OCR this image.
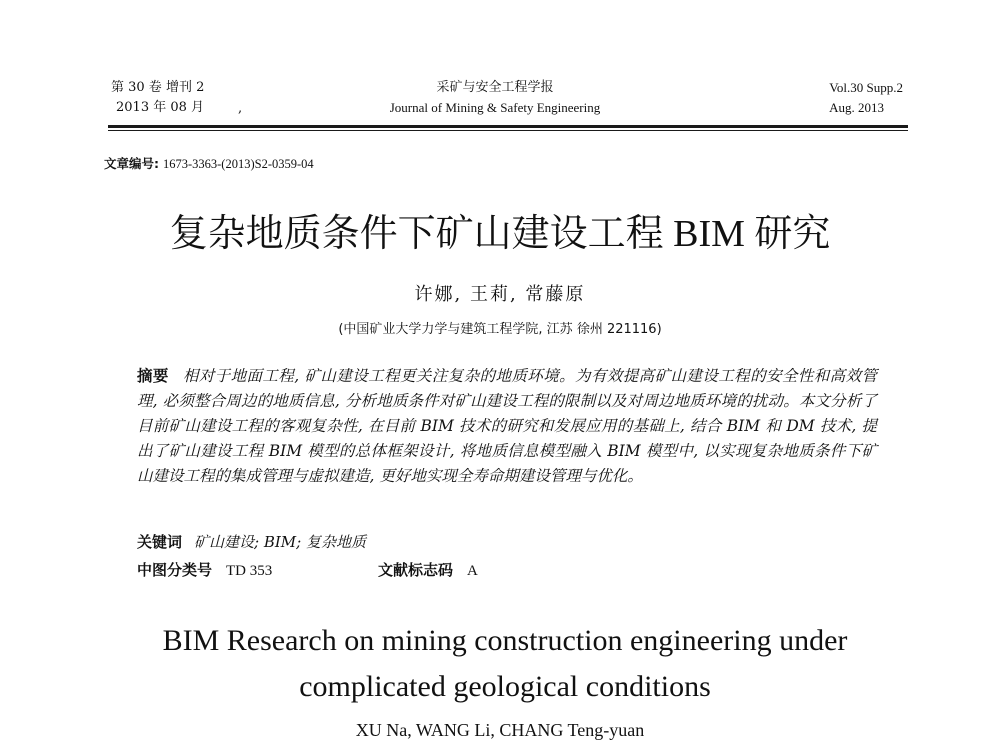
第 30 卷 增刊 2
2013 年 08 月	,
采矿与安全工程学报
Journal of Mining & Safety Engineering
Vol.30 Supp.2
Aug. 2013
文章编号: 1673-3363-(2013)S2-0359-04
复杂地质条件下矿山建设工程 BIM 研究
许娜, 王莉, 常藤原
(中国矿业大学力学与建筑工程学院, 江苏 徐州 221116)
摘要 相对于地面工程, 矿山建设工程更关注复杂的地质环境。为有效提高矿山建设工程的安全性和高效管理, 必须整合周边的地质信息, 分析地质条件对矿山建设工程的限制以及对周边地质环境的扰动。本文分析了目前矿山建设工程的客观复杂性, 在目前 BIM 技术的研究和发展应用的基础上, 结合 BIM 和 DM 技术, 提出了矿山建设工程 BIM 模型的总体框架设计, 将地质信息模型融入 BIM 模型中, 以实现复杂地质条件下矿山建设工程的集成管理与虚拟建造, 更好地实现全寿命期建设管理与优化。
关键词 矿山建设; BIM; 复杂地质
中图分类号 TD 353	文献标志码 A
BIM Research on mining construction engineering under
complicated geological conditions
XU Na, WANG Li, CHANG Teng-yuan
